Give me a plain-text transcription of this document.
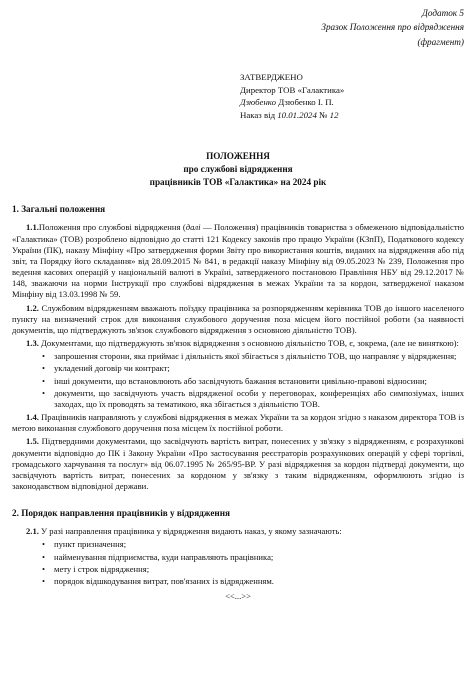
Додаток 5
Зразок Положення про відрядження
(фрагмент)
ЗАТВЕРДЖЕНО
Директор ТОВ «Галактика»
Дзюбенко Дзюбенко І. П.
Наказ від 10.01.2024 № 12
ПОЛОЖЕННЯ
про службові відрядження
працівників ТОВ «Галактика» на 2024 рік
1. Загальні положення

1.1.Положення про службові відрядження (далі — Положення) працівників товариства з обмеженою відповідальністю «Галактика» (ТОВ) розроблено відповідно до статті 121 Кодексу законів про працю України (КЗпП), Податкового кодексу України (ПК), наказу Мінфіну «Про затвердження форми Звіту про використання коштів, виданих на відрядження або під звіт, та Порядку його складання» від 28.09.2015 № 841, в редакції наказу Мінфіну від 09.05.2023 № 239, Положення про ведення касових операцій у національній валюті в Україні, затвердженого постановою Правління НБУ від 29.12.2017 № 148, зважаючи на норми Інструкції про службові відрядження в межах України та за кордон, затвердженої наказом Мінфіну від 13.03.1998 № 59.

1.2. Службовим відрядженням вважають поїздку працівника за розпорядженням керівника ТОВ до іншого населеного пункту на визначений строк для виконання службового доручення поза місцем його постійної роботи (за наявності документів, що підтверджують зв'язок службового відрядження з основною діяльністю ТОВ).

1.3. Документами, що підтверджують зв'язок відрядження з основною діяльністю ТОВ, є, зокрема, (але не виняткою):

• запрошення сторони, яка приймає і діяльність якої збігається з діяльністю ТОВ, що направляє у відрядження;
• укладений договір чи контракт;
• інші документи, що встановлюють або засвідчують бажання встановити цивільно-правові відносини;
• документи, що засвідчують участь відрядженої особи у переговорах, конференціях або симпозіумах, інших заходах, що їх проводять за тематикою, яка збігається з діяльністю ТОВ.

1.4. Працівників направляють у службові відрядження в межах України та за кордон згідно з наказом директора ТОВ із метою виконання службового доручення поза місцем їх постійної роботи.

1.5. Підтвердними документами, що засвідчують вартість витрат, понесених у зв'язку з відрядженням, є розрахункові документи відповідно до ПК і Закону України «Про застосування реєстраторів розрахункових операцій у сфері торгівлі, громадського харчування та послуг» від 06.07.1995 № 265/95-ВР. У разі відрядження за кордон підтверді документи, що засвідчують вартість витрат, понесених за кордоном у зв'язку з таким відрядженням, оформлюють згідно із законодавством відповідної держави.

2. Порядок направлення працівників у відрядження

2.1. У разі направлення працівника у відрядження видають наказ, у якому зазначають:

• пункт призначення;
• найменування підприємства, куди направляють працівника;
• мету і строк відрядження;
• порядок відшкодування витрат, пов'язаних із відрядженням.
<<...>>
